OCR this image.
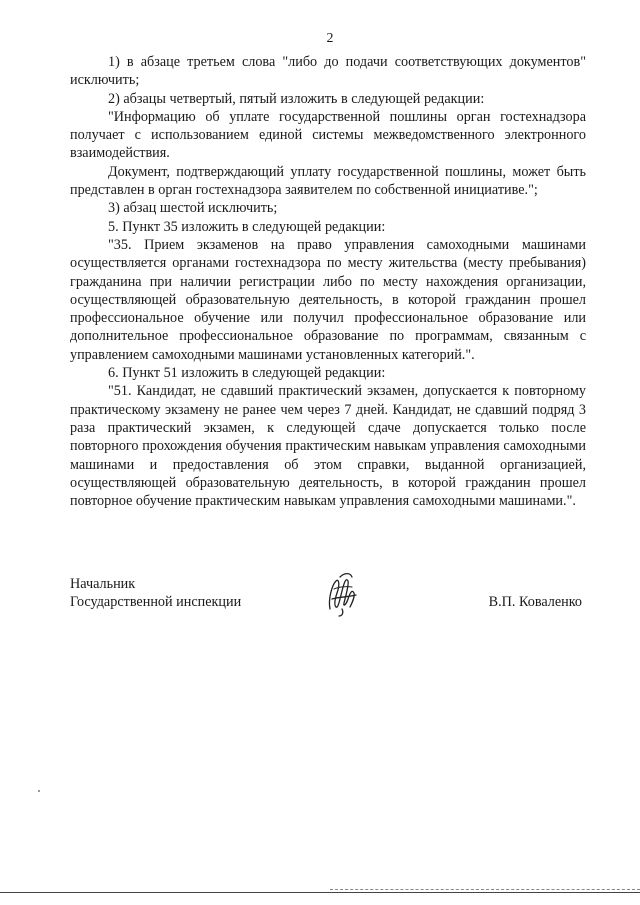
2

1) в абзаце третьем слова "либо до подачи соответствующих документов" исключить;

2) абзацы четвертый, пятый изложить в следующей редакции:

"Информацию об уплате государственной пошлины орган гостехнадзора получает с использованием единой системы межведомственного электронного взаимодействия.

Документ, подтверждающий уплату государственной пошлины, может быть представлен в орган гостехнадзора заявителем по собственной инициативе.";

3) абзац шестой исключить;

5. Пункт 35 изложить в следующей редакции:

"35. Прием экзаменов на право управления самоходными машинами осуществляется органами гостехнадзора по месту жительства (месту пребывания) гражданина при наличии регистрации либо по месту нахождения организации, осуществляющей образовательную деятельность, в которой гражданин прошел профессиональное обучение или получил профессиональное образование или дополнительное профессиональное образование по программам, связанным с управлением самоходными машинами установленных категорий.".

6. Пункт 51 изложить в следующей редакции:

"51. Кандидат, не сдавший практический экзамен, допускается к повторному практическому экзамену не ранее чем через 7 дней. Кандидат, не сдавший подряд 3 раза практический экзамен, к следующей сдаче допускается только после повторного прохождения обучения практическим навыкам управления самоходными машинами и предоставления об этом справки, выданной организацией, осуществляющей образовательную деятельность, в которой гражданин прошел повторное обучение практическим навыкам управления самоходными машинами.".

Начальник
Государственной инспекции	В.П. Коваленко
